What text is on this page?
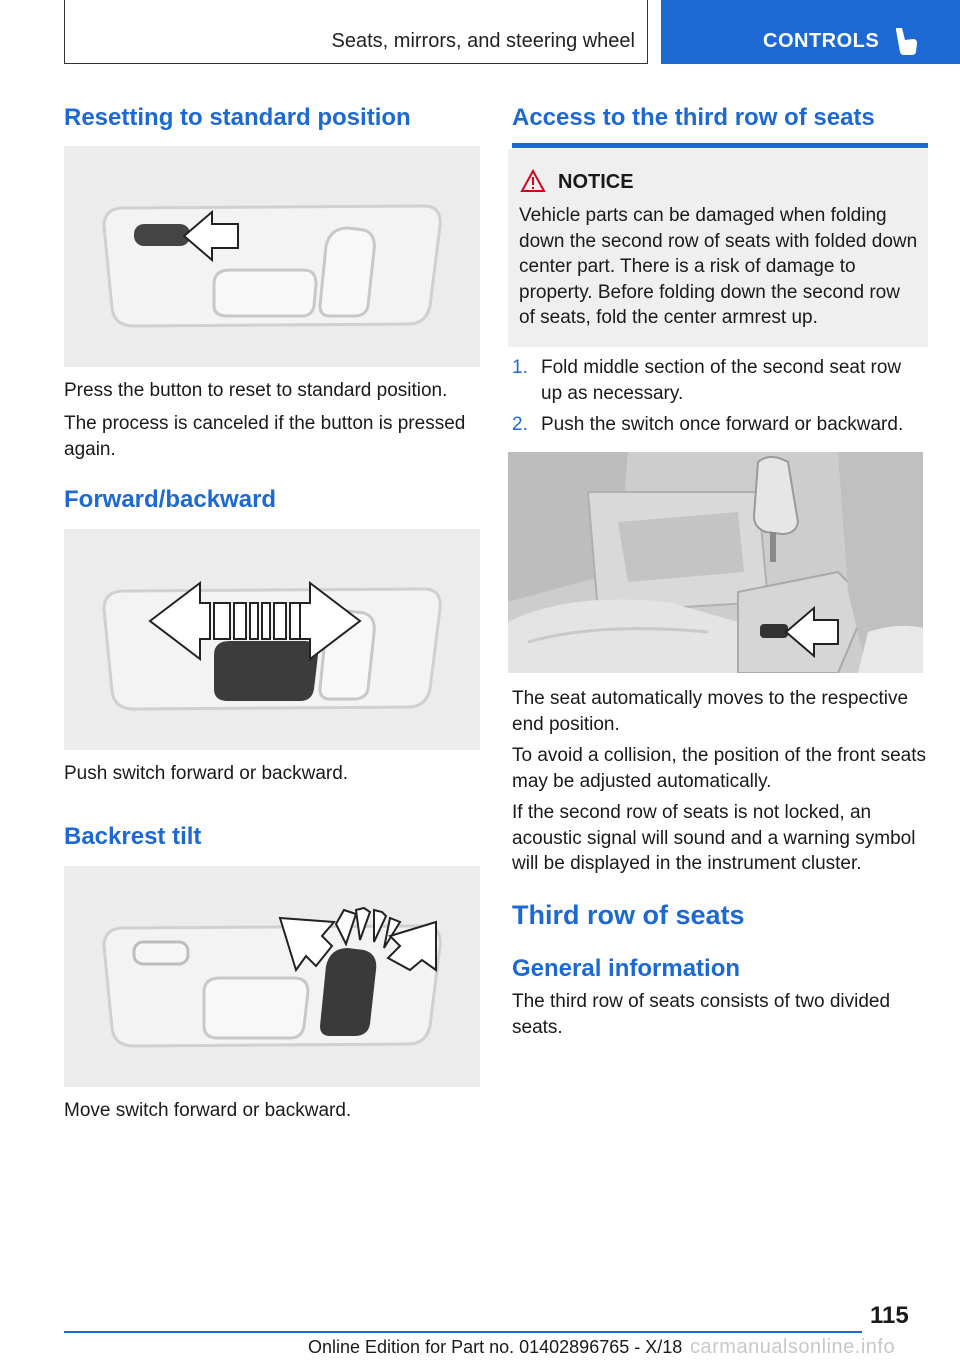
Seats, mirrors, and steering wheel	CONTROLS
Resetting to standard position

Press the button to reset to standard position.

The process is canceled if the button is pressed again.

Forward/backward

Push switch forward or backward.

Backrest tilt

Move switch forward or backward.

Access to the third row of seats
NOTICE
Vehicle parts can be damaged when folding down the second row of seats with folded down center part. There is a risk of damage to property. Before folding down the second row of seats, fold the center armrest up.
1. Fold middle section of the second seat row up as necessary.
2. Push the switch once forward or backward.

The seat automatically moves to the respective end position.

To avoid a collision, the position of the front seats may be adjusted automatically.

If the second row of seats is not locked, an acoustic signal will sound and a warning symbol will be displayed in the instrument cluster.

Third row of seats
General information

The third row of seats consists of two divided seats.

115
Online Edition for Part no. 01402896765 - X/18 carmanualsonline.info
